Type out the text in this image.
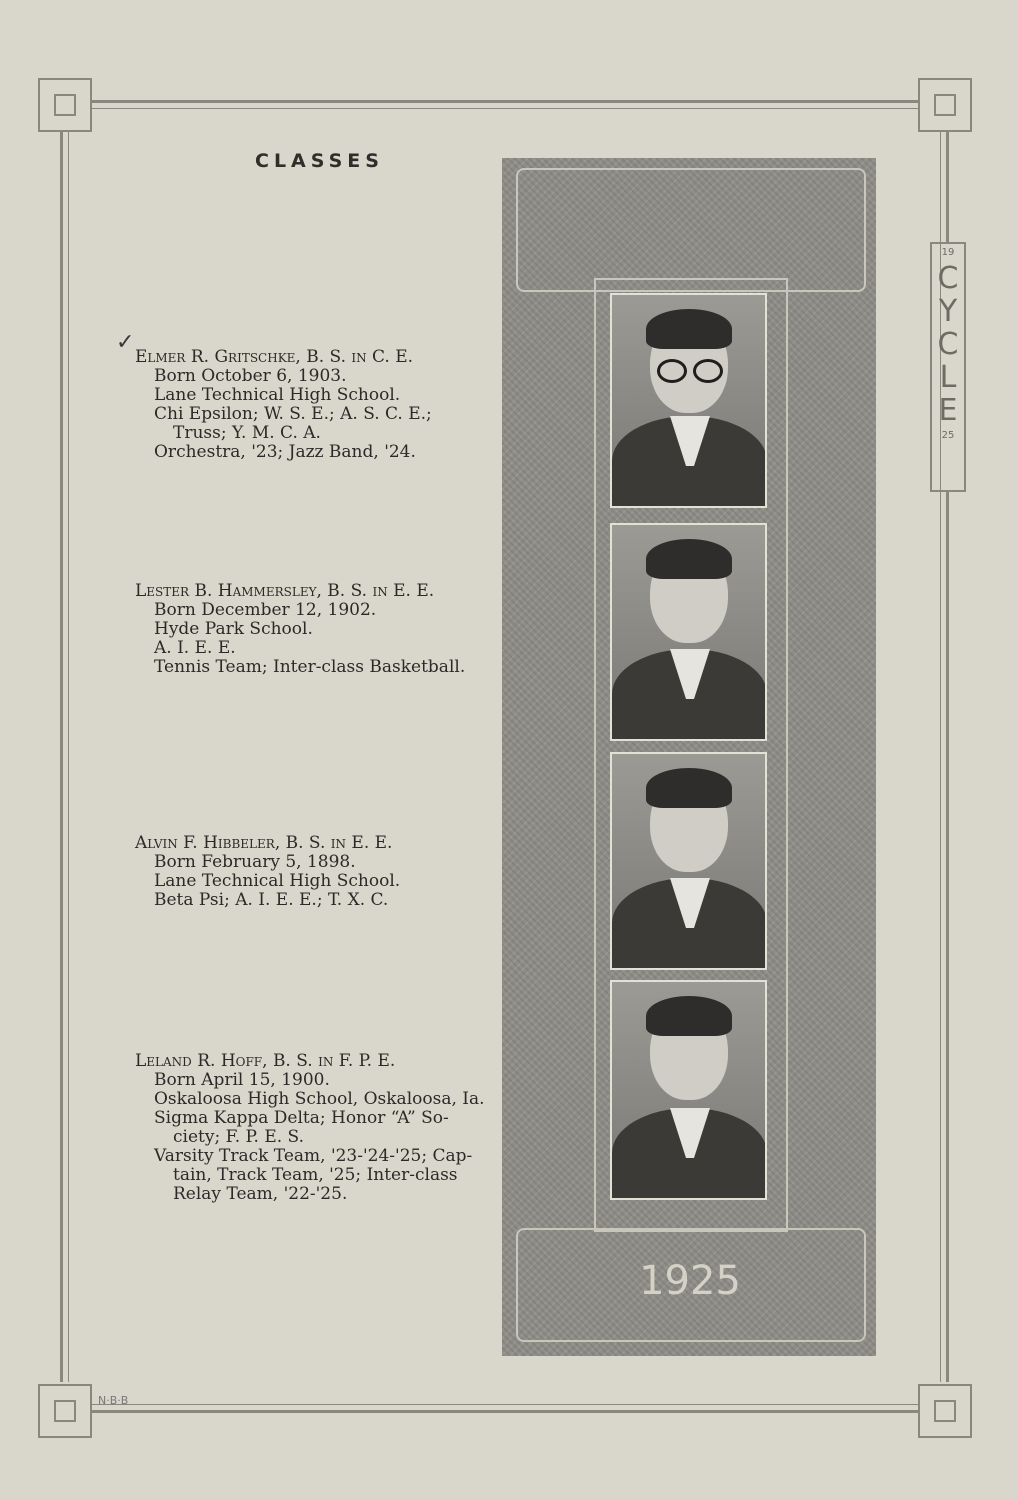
19
C
Y
C
L
E
25
CLASSES
✓
Elmer R. Gritschke, B. S. in C. E.
Born October 6, 1903.
Lane Technical High School.
Chi Epsilon; W. S. E.; A. S. C. E.;
Truss; Y. M. C. A.
Orchestra, '23; Jazz Band, '24.
Lester B. Hammersley, B. S. in E. E.
Born December 12, 1902.
Hyde Park School.
A. I. E. E.
Tennis Team; Inter-class Basketball.
Alvin F. Hibbeler, B. S. in E. E.
Born February 5, 1898.
Lane Technical High School.
Beta Psi; A. I. E. E.; T. X. C.
Leland R. Hoff, B. S. in F. P. E.
Born April 15, 1900.
Oskaloosa High School, Oskaloosa, Ia.
Sigma Kappa Delta; Honor “A” So-
ciety; F. P. E. S.
Varsity Track Team, '23-'24-'25; Cap-
tain, Track Team, '25; Inter-class
Relay Team, '22-'25.
1925
N·B·B
